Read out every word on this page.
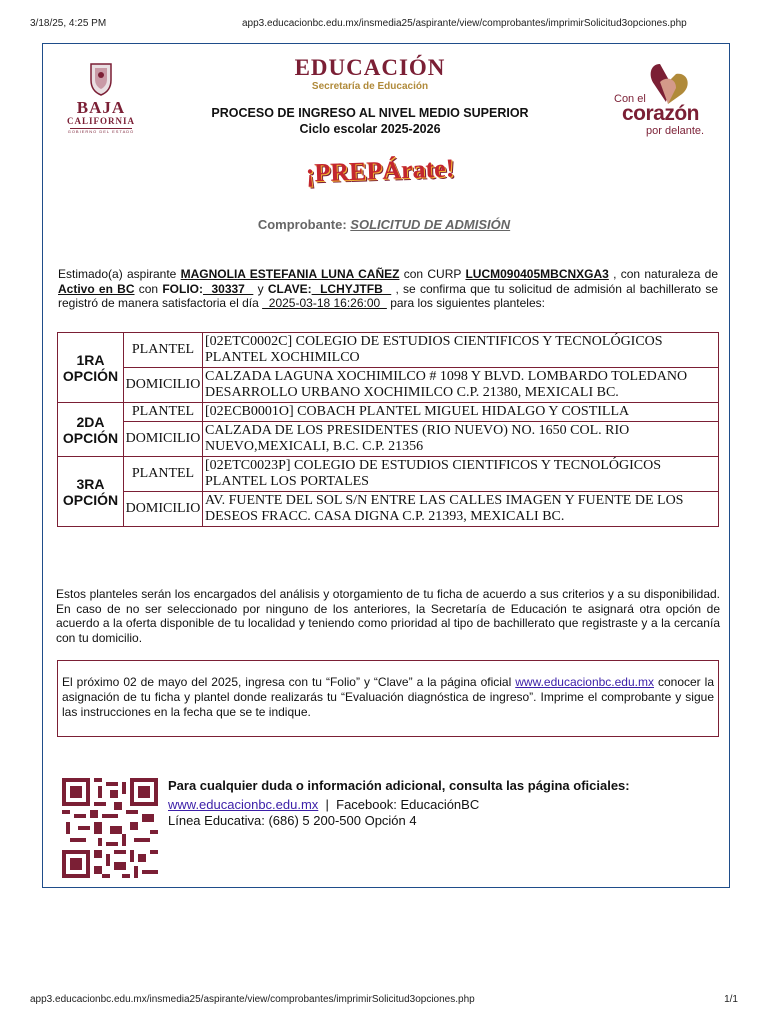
3/18/25, 4:25 PM	app3.educacionbc.edu.mx/insmedia25/aspirante/view/comprobantes/imprimirSolicitud3opciones.php
BAJA
CALIFORNIA
GOBIERNO DEL ESTADO
EDUCACIÓN
Secretaría de Educación
PROCESO DE INGRESO AL NIVEL MEDIO SUPERIOR
Ciclo escolar 2025-2026
Con el
corazón
por delante.
¡PREPÁrate!
Comprobante: SOLICITUD DE ADMISIÓN
Estimado(a) aspirante MAGNOLIA ESTEFANIA LUNA CAÑEZ con CURP LUCM090405MBCNXGA3 , con naturaleza de Activo en BC con FOLIO:  30337   y CLAVE:  LCHYJTFB   , se confirma que tu solicitud de admisión al bachillerato se registró de manera satisfactoria el día   2025-03-18 16:26:00   para los siguientes planteles:
1RA OPCIÓN	PLANTEL	[02ETC0002C] COLEGIO DE ESTUDIOS CIENTIFICOS Y TECNOLÓGICOS PLANTEL XOCHIMILCO
	DOMICILIO	CALZADA LAGUNA XOCHIMILCO # 1098 Y BLVD. LOMBARDO TOLEDANO DESARROLLO URBANO XOCHIMILCO C.P. 21380, MEXICALI BC.
2DA OPCIÓN	PLANTEL	[02ECB0001O] COBACH PLANTEL MIGUEL HIDALGO Y COSTILLA
	DOMICILIO	CALZADA DE LOS PRESIDENTES (RIO NUEVO) NO. 1650 COL. RIO NUEVO,MEXICALI, B.C. C.P. 21356
3RA OPCIÓN	PLANTEL	[02ETC0023P] COLEGIO DE ESTUDIOS CIENTIFICOS Y TECNOLÓGICOS PLANTEL LOS PORTALES
	DOMICILIO	AV. FUENTE DEL SOL S/N ENTRE LAS CALLES IMAGEN Y FUENTE DE LOS DESEOS FRACC. CASA DIGNA C.P. 21393, MEXICALI BC.
Estos planteles serán los encargados del análisis y otorgamiento de tu ficha de acuerdo a sus criterios y a su disponibilidad. En caso de no ser seleccionado por ninguno de los anteriores, la Secretaría de Educación te asignará otra opción de acuerdo a la oferta disponible de tu localidad y teniendo como prioridad al tipo de bachillerato que registraste y a la cercanía con tu domicilio.
El próximo 02 de mayo del 2025, ingresa con tu “Folio” y “Clave” a la página oficial www.educacionbc.edu.mx conocer la asignación de tu ficha y plantel donde realizarás tu “Evaluación diagnóstica de ingreso”. Imprime el comprobante y sigue las instrucciones en la fecha que se te indique.
Para cualquier duda o información adicional, consulta las página oficiales:
www.educacionbc.edu.mx  |  Facebook: EducaciónBC
Línea Educativa: (686) 5 200-500 Opción 4
app3.educacionbc.edu.mx/insmedia25/aspirante/view/comprobantes/imprimirSolicitud3opciones.php	1/1
